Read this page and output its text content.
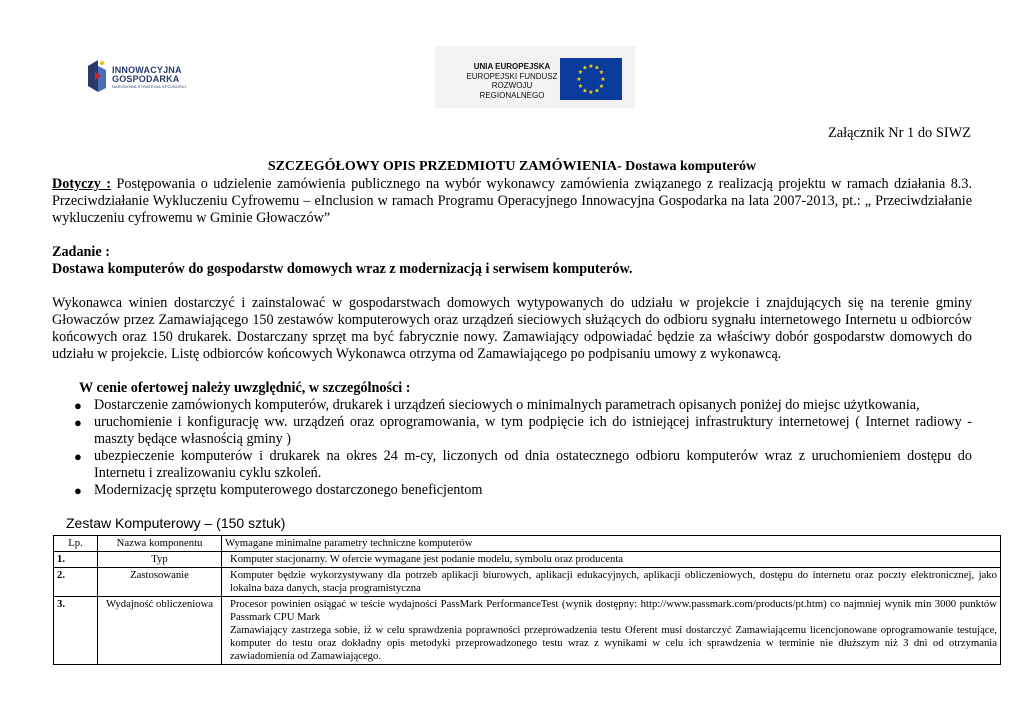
INNOWACYJNA
GOSPODARKA
NARODOWA STRATEGIA SPÓJNOŚCI
UNIA EUROPEJSKA
EUROPEJSKI FUNDUSZ
ROZWOJU REGIONALNEGO
★ ★
★
★
★
★
★
★
★
★
★
★
Załącznik Nr 1 do SIWZ
SZCZEGÓŁOWY OPIS PRZEDMIOTU ZAMÓWIENIA- Dostawa komputerów

Dotyczy : Postępowania o udzielenie zamówienia publicznego na wybór wykonawcy zamówienia związanego z realizacją projektu w ramach działania 8.3. Przeciwdziałanie Wykluczeniu Cyfrowemu – eInclusion w ramach Programu Operacyjnego Innowacyjna Gospodarka na lata 2007-2013, pt.: „ Przeciwdziałanie wykluczeniu cyfrowemu w Gminie Głowaczów”

Zadanie :

Dostawa komputerów do gospodarstw domowych wraz z modernizacją i serwisem komputerów.

Wykonawca winien dostarczyć i zainstalować w gospodarstwach domowych wytypowanych do udziału w projekcie i znajdujących się na terenie gminy Głowaczów przez Zamawiającego 150 zestawów komputerowych oraz urządzeń sieciowych służących do odbioru sygnału internetowego Internetu u odbiorców końcowych oraz 150 drukarek. Dostarczany sprzęt ma być fabrycznie nowy. Zamawiający odpowiadać będzie za właściwy dobór gospodarstw domowych do udziału w projekcie. Listę odbiorców końcowych Wykonawca otrzyma od Zamawiającego po podpisaniu umowy z wykonawcą.
W cenie ofertowej należy uwzględnić, w szczególności :
● Dostarczenie zamówionych komputerów, drukarek i urządzeń sieciowych o minimalnych parametrach opisanych poniżej do miejsc użytkowania,
● uruchomienie i konfigurację ww. urządzeń oraz oprogramowania, w tym podpięcie ich do istniejącej infrastruktury internetowej ( Internet radiowy - maszty będące własnością gminy )
● ubezpieczenie komputerów i drukarek na okres 24 m-cy, liczonych od dnia ostatecznego odbioru komputerów wraz z uruchomieniem dostępu do Internetu i zrealizowaniu cyklu szkoleń.
● Modernizację sprzętu komputerowego dostarczonego beneficjentom
Zestaw Komputerowy – (150 sztuk)
Lp.	Nazwa komponentu	Wymagane minimalne parametry techniczne komputerów
1.	Typ	Komputer stacjonarny. W ofercie wymagane jest podanie modelu, symbolu oraz producenta
2.	Zastosowanie	Komputer będzie wykorzystywany dla potrzeb aplikacji biurowych, aplikacji edukacyjnych, aplikacji obliczeniowych, dostępu do internetu oraz poczty elektronicznej, jako lokalna baza danych, stacja programistyczna
3.	Wydajność obliczeniowa	Procesor powinien osiągać w teście wydajności PassMark PerformanceTest (wynik dostępny: http://www.passmark.com/products/pt.htm) co najmniej wynik min 3000 punktów Passmark CPU Mark
Zamawiający zastrzega sobie, iż w celu sprawdzenia poprawności przeprowadzenia testu Oferent musi dostarczyć Zamawiającemu licencjonowane oprogramowanie testujące, komputer do testu oraz dokładny opis metodyki przeprowadzonego testu wraz z wynikami w celu ich sprawdzenia w terminie nie dłuższym niż 3 dni od otrzymania zawiadomienia od Zamawiającego.
